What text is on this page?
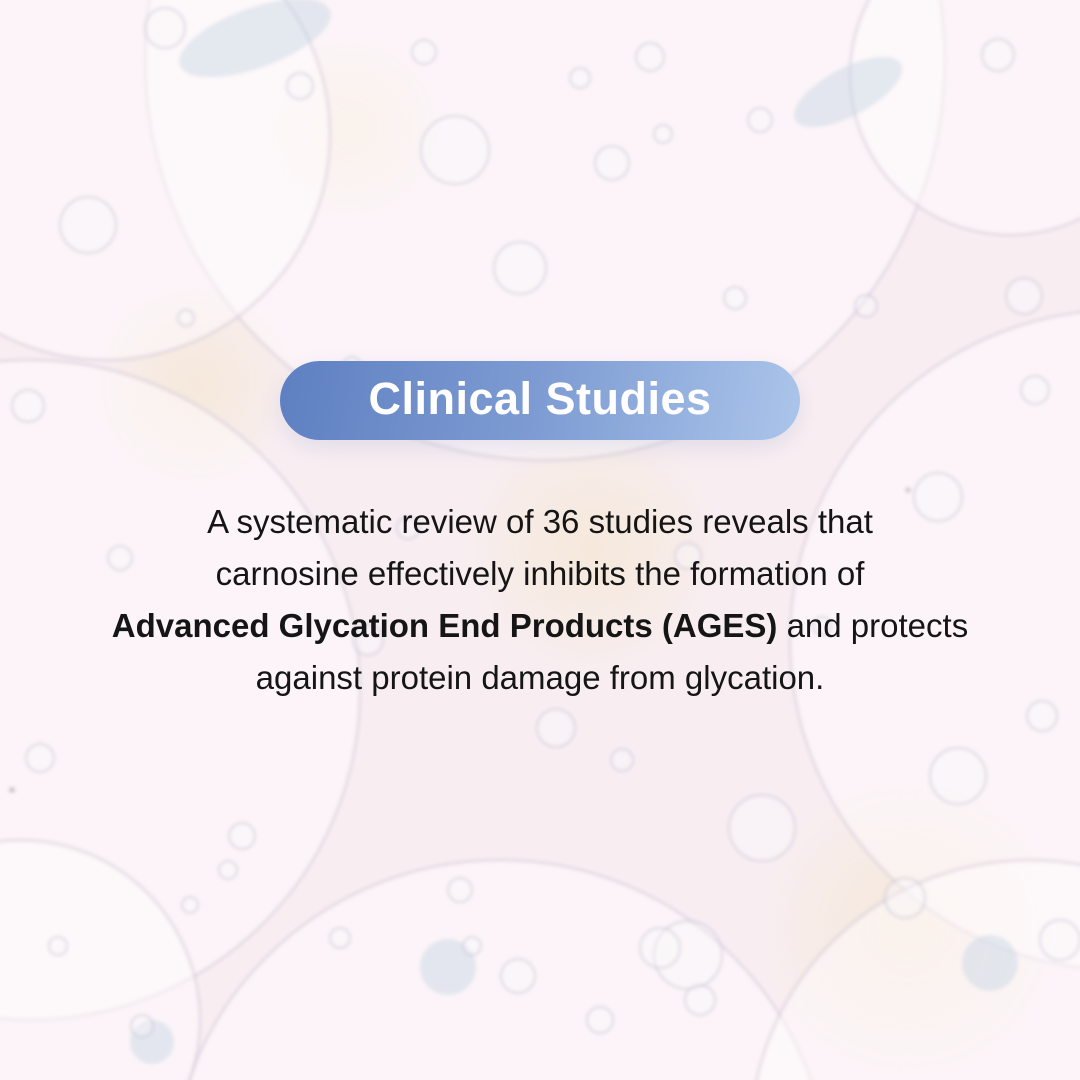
Clinical Studies
A systematic review of 36 studies reveals that
carnosine effectively inhibits the formation of
Advanced Glycation End Products (AGES) and protects
against protein damage from glycation.
